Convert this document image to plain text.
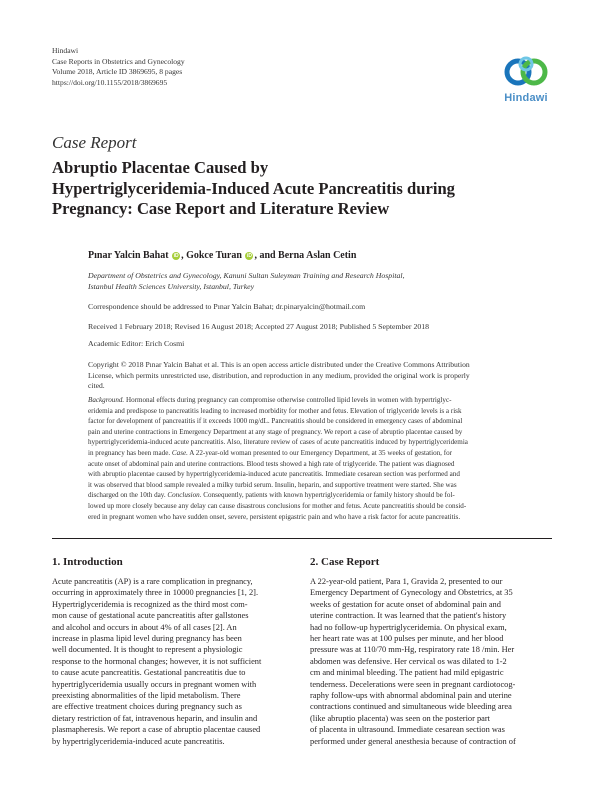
Hindawi
Case Reports in Obstetrics and Gynecology
Volume 2018, Article ID 3869695, 8 pages
https://doi.org/10.1155/2018/3869695
Hindawi
Case Report
Abruptio Placentae Caused by
Hypertriglyceridemia-Induced Acute Pancreatitis during
Pregnancy: Case Report and Literature Review
Pınar Yalcin Bahat iD , Gokce Turan iD , and Berna Aslan Cetin
Department of Obstetrics and Gynecology, Kanuni Sultan Suleyman Training and Research Hospital,
Istanbul Health Sciences University, Istanbul, Turkey
Correspondence should be addressed to Pınar Yalcin Bahat; dr.pinaryalcin@hotmail.com
Received 1 February 2018; Revised 16 August 2018; Accepted 27 August 2018; Published 5 September 2018
Academic Editor: Erich Cosmi
Copyright © 2018 Pınar Yalcin Bahat et al. This is an open access article distributed under the Creative Commons Attribution
License, which permits unrestricted use, distribution, and reproduction in any medium, provided the original work is properly
cited.
Background. Hormonal effects during pregnancy can compromise otherwise controlled lipid levels in women with hypertriglyc-
eridemia and predispose to pancreatitis leading to increased morbidity for mother and fetus. Elevation of triglyceride levels is a risk
factor for development of pancreatitis if it exceeds 1000 mg/dL. Pancreatitis should be considered in emergency cases of abdominal
pain and uterine contractions in Emergency Department at any stage of pregnancy. We report a case of abruptio placentae caused by
hypertriglyceridemia-induced acute pancreatitis. Also, literature review of cases of acute pancreatitis induced by hypertriglyceridemia
in pregnancy has been made. Case. A 22-year-old woman presented to our Emergency Department, at 35 weeks of gestation, for
acute onset of abdominal pain and uterine contractions. Blood tests showed a high rate of triglyceride. The patient was diagnosed
with abruptio placentae caused by hypertriglyceridemia-induced acute pancreatitis. Immediate cesarean section was performed and
it was observed that blood sample revealed a milky turbid serum. Insulin, heparin, and supportive treatment were started. She was
discharged on the 10th day. Conclusion. Consequently, patients with known hypertriglyceridemia or family history should be fol-
lowed up more closely because any delay can cause disastrous conclusions for mother and fetus. Acute pancreatitis should be consid-
ered in pregnant women who have sudden onset, severe, persistent epigastric pain and who have a risk factor for acute pancreatitis.
1. Introduction
Acute pancreatitis (AP) is a rare complication in pregnancy,
occurring in approximately three in 10000 pregnancies [1, 2].
Hypertriglyceridemia is recognized as the third most com-
mon cause of gestational acute pancreatitis after gallstones
and alcohol and occurs in about 4% of all cases [2]. An
increase in plasma lipid level during pregnancy has been
well documented. It is thought to represent a physiologic
response to the hormonal changes; however, it is not sufficient
to cause acute pancreatitis. Gestational pancreatitis due to
hypertriglyceridemia usually occurs in pregnant women with
preexisting abnormalities of the lipid metabolism. There
are effective treatment choices during pregnancy such as
dietary restriction of fat, intravenous heparin, and insulin and
plasmapheresis. We report a case of abruptio placentae caused
by hypertriglyceridemia-induced acute pancreatitis.
2. Case Report
A 22-year-old patient, Para 1, Gravida 2, presented to our
Emergency Department of Gynecology and Obstetrics, at 35
weeks of gestation for acute onset of abdominal pain and
uterine contraction. It was learned that the patient's history
had no follow-up hypertriglyceridemia. On physical exam,
her heart rate was at 100 pulses per minute, and her blood
pressure was at 110/70 mm-Hg, respiratory rate 18 /min. Her
abdomen was defensive. Her cervical os was dilated to 1-2
cm and minimal bleeding. The patient had mild epigastric
tenderness. Decelerations were seen in pregnant cardiotocog-
raphy follow-ups with abnormal abdominal pain and uterine
contractions continued and simultaneous wide bleeding area
(like abruptio placenta) was seen on the posterior part
of placenta in ultrasound. Immediate cesarean section was
performed under general anesthesia because of contraction of
